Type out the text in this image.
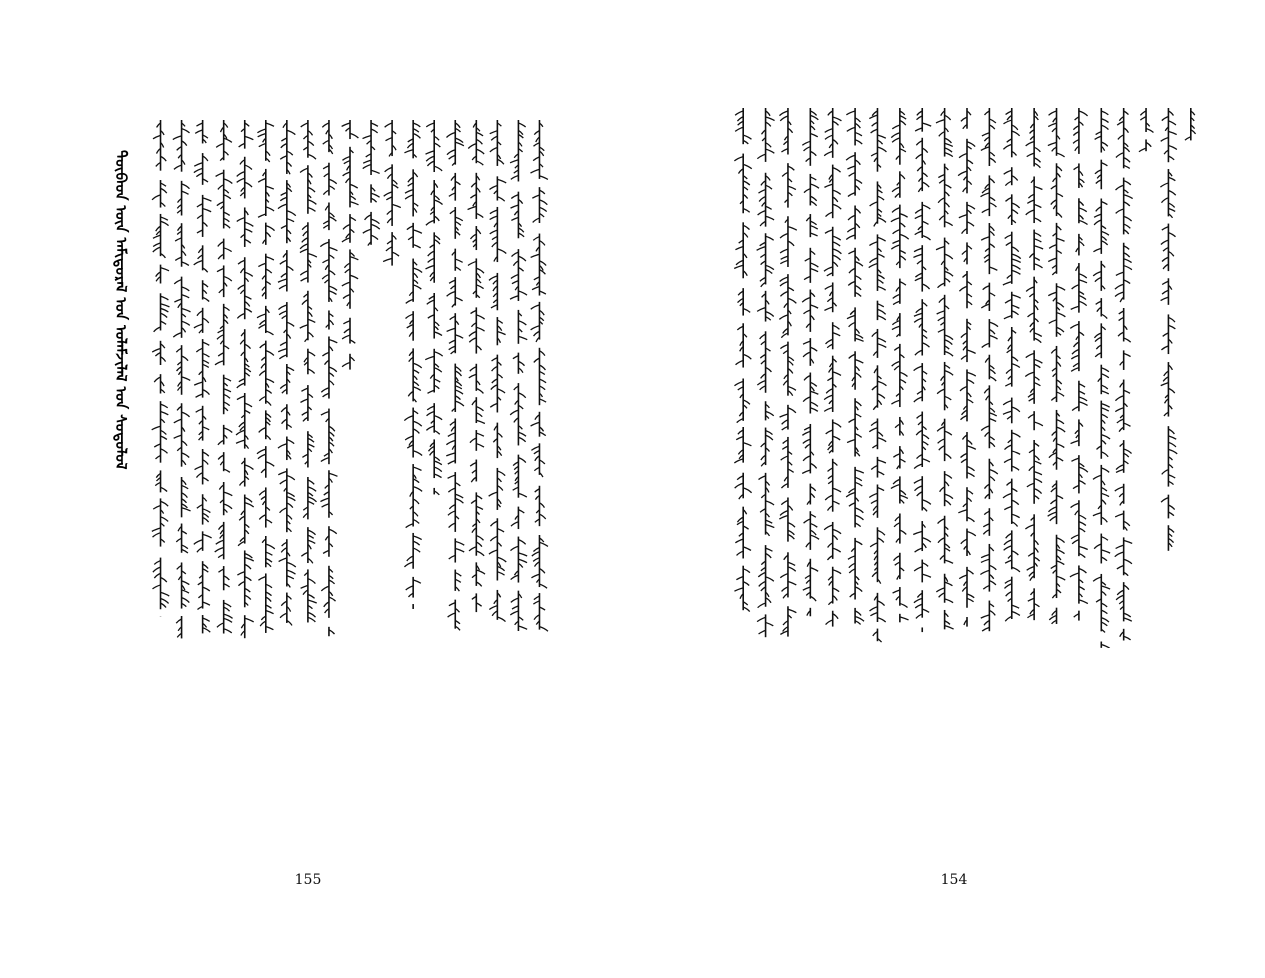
ᠲᠦᠪᠡᠳ ᠦᠨ ᠠᠮᠢᠳᠤᠷᠠᠯ ᠤᠨ ᠤᠯᠠᠮᠵᠢᠯᠠᠯ ᠤᠨ ᠰᠤᠳᠤᠯᠤᠯ
155	154
